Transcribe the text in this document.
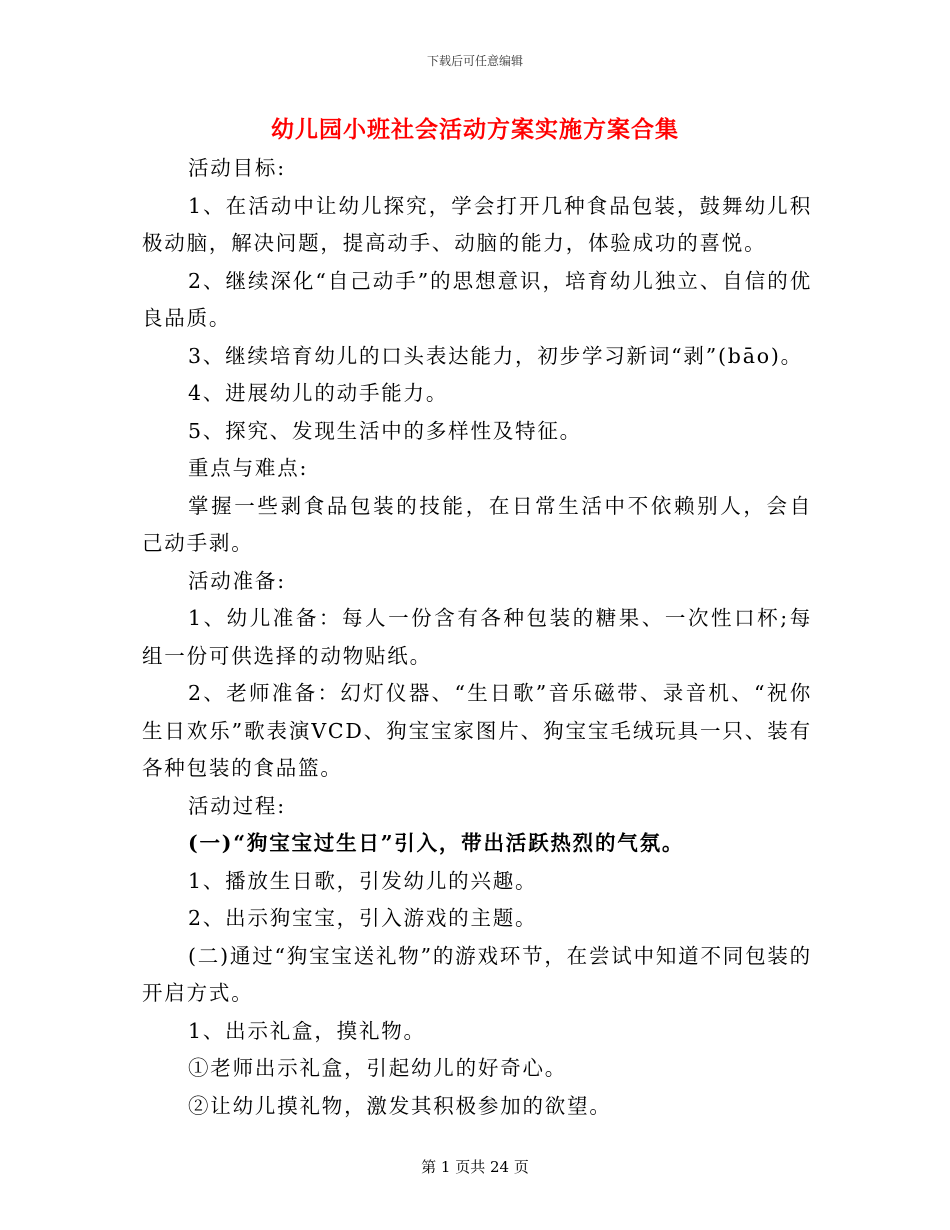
下载后可任意编辑
幼儿园小班社会活动方案实施方案合集

活动目标:

1、在活动中让幼儿探究，学会打开几种食品包装，鼓舞幼儿积极动脑，解决问题，提高动手、动脑的能力，体验成功的喜悦。

2、继续深化“自己动手”的思想意识，培育幼儿独立、自信的优良品质。

3、继续培育幼儿的口头表达能力，初步学习新词“剥”(bāo)。

4、进展幼儿的动手能力。

5、探究、发现生活中的多样性及特征。

重点与难点:

掌握一些剥食品包装的技能，在日常生活中不依赖别人，会自己动手剥。

活动准备:

1、幼儿准备：每人一份含有各种包装的糖果、一次性口杯;每组一份可供选择的动物贴纸。

2、老师准备：幻灯仪器、“生日歌”音乐磁带、录音机、“祝你生日欢乐”歌表演VCD、狗宝宝家图片、狗宝宝毛绒玩具一只、装有各种包装的食品篮。

活动过程:

(一)“狗宝宝过生日”引入，带出活跃热烈的气氛。

1、播放生日歌，引发幼儿的兴趣。

2、出示狗宝宝，引入游戏的主题。

(二)通过“狗宝宝送礼物”的游戏环节，在尝试中知道不同包装的开启方式。

1、出示礼盒，摸礼物。

①老师出示礼盒，引起幼儿的好奇心。

②让幼儿摸礼物，激发其积极参加的欲望。

第 1 页共 24 页
